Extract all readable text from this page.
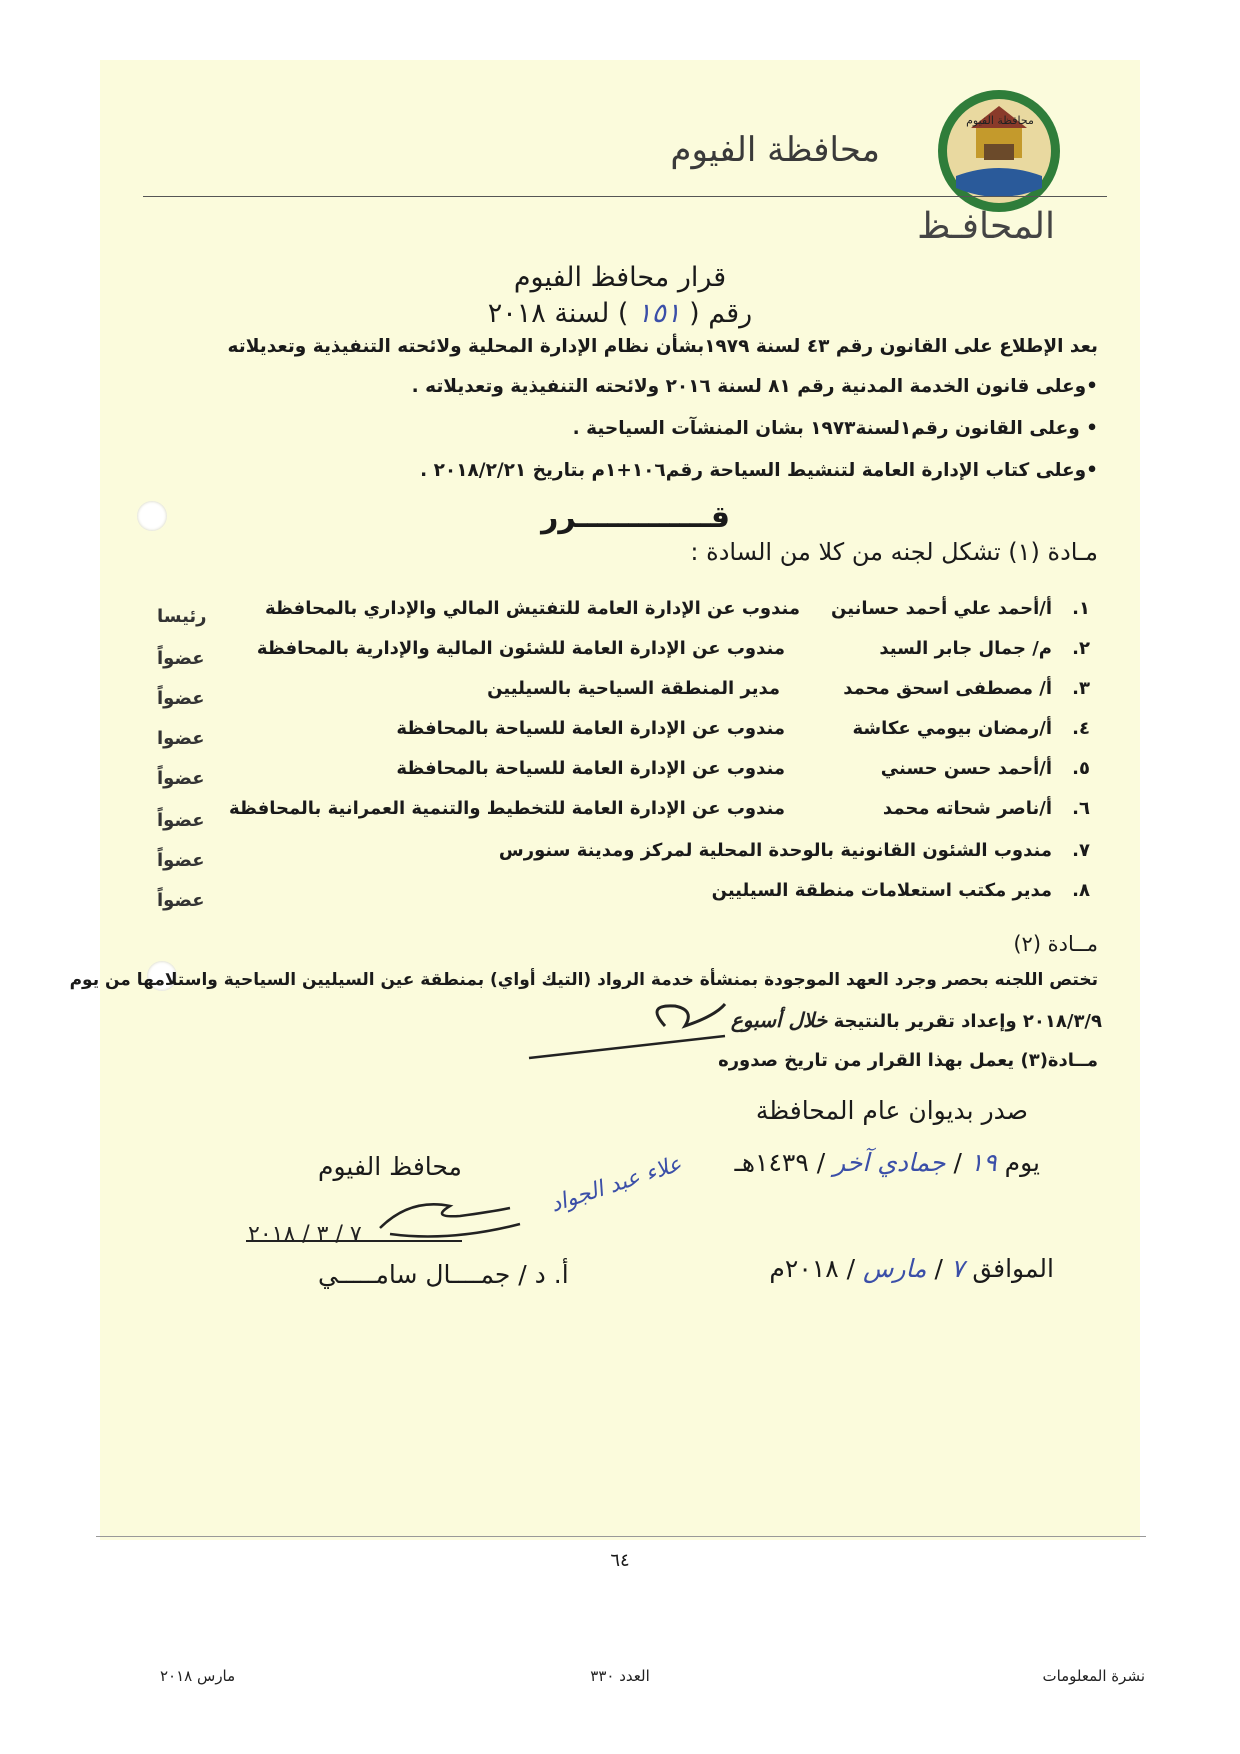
محافظة الفيوم
محافظة الفيوم
المحافـظ
قرار محافظ الفيوم
رقم ( ١٥١ ) لسنة ٢٠١٨
بعد الإطلاع على القانون رقم ٤٣ لسنة ١٩٧٩بشأن نظام الإدارة المحلية ولائحته التنفيذية وتعديلاته
•وعلى قانون الخدمة المدنية رقم ٨١ لسنة ٢٠١٦ ولائحته التنفيذية وتعديلاته .
• وعلى القانون رقم١لسنة١٩٧٣ بشان المنشآت السياحية .
•وعلى كتاب الإدارة العامة لتنشيط السياحة رقم١٠٦+١م بتاريخ ٢٠١٨/٢/٢١ .
قـــــــــــــرر
مـادة (١) تشكل لجنه من كلا من السادة :
١.
أ/أحمد علي أحمد حسانين
مندوب عن الإدارة العامة للتفتيش المالي والإداري بالمحافظة
رئيسا
٢.
م/ جمال جابر السيد
مندوب عن الإدارة العامة للشئون المالية والإدارية بالمحافظة
عضواً
٣.
أ/ مصطفى اسحق محمد
مدير المنطقة السياحية بالسيليين
عضواً
٤.
أ/رمضان بيومي عكاشة
مندوب عن الإدارة العامة للسياحة بالمحافظة
عضوا
٥.
أ/أحمد حسن حسني
مندوب عن الإدارة العامة للسياحة بالمحافظة
عضواً
٦.
أ/ناصر شحاته محمد
مندوب عن الإدارة العامة للتخطيط والتنمية العمرانية بالمحافظة
عضواً
٧.
مندوب الشئون القانونية بالوحدة المحلية لمركز ومدينة سنورس
عضواً
٨.
مدير مكتب استعلامات منطقة السيليين
عضواً
مــادة (٢)
تختص اللجنه بحصر وجرد العهد الموجودة بمنشأة خدمة الرواد (التيك أواي) بمنطقة عين السيليين السياحية واستلامها من يوم
٢٠١٨/٣/٩ وإعداد تقرير بالنتيجة خلال أسبوع
مــادة(٣) يعمل بهذا القرار من تاريخ صدوره
صدر بديوان عام المحافظة
يوم ١٩ / جمادي آخر / ١٤٣٩هـ
الموافق ٧ / مارس / ٢٠١٨م
محافظ الفيوم
٧ / ٣ / ٢٠١٨
أ. د / جمــــال سامـــــي
علاء عبد الجواد
٦٤
نشرة المعلومات
العدد ٣٣٠
مارس ٢٠١٨
